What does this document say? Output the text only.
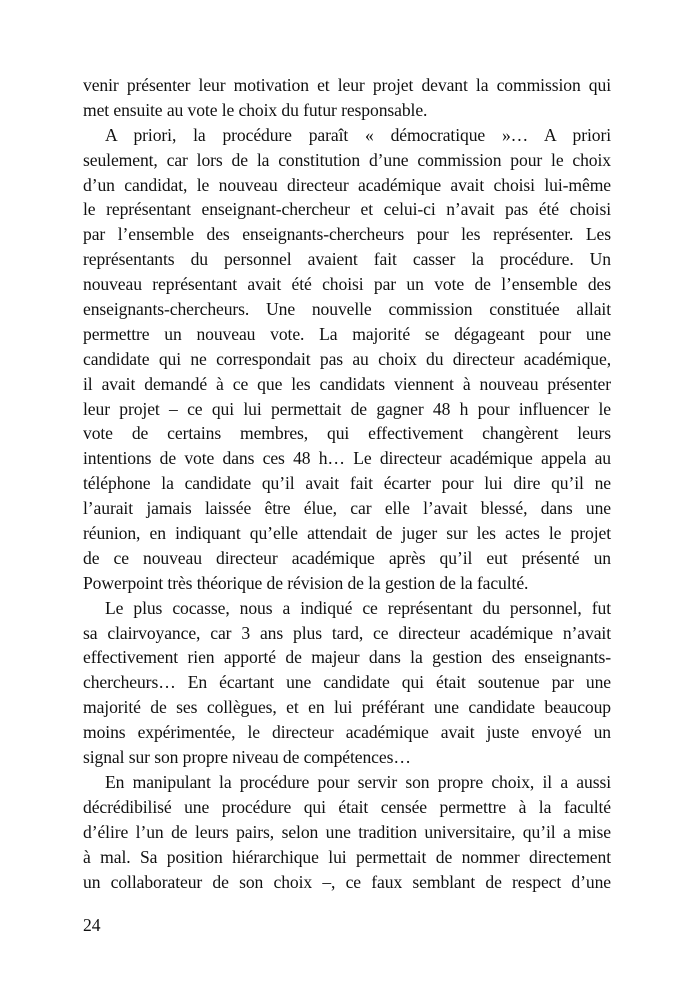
venir présenter leur motivation et leur projet devant la commission qui
met ensuite au vote le choix du futur responsable.

A priori, la procédure paraît « démocratique »… A priori
seulement, car lors de la constitution d’une commission pour le choix
d’un candidat, le nouveau directeur académique avait choisi lui-même
le représentant enseignant-chercheur et celui-ci n’avait pas été choisi
par l’ensemble des enseignants-chercheurs pour les représenter. Les
représentants du personnel avaient fait casser la procédure. Un
nouveau représentant avait été choisi par un vote de l’ensemble des
enseignants-chercheurs. Une nouvelle commission constituée allait
permettre un nouveau vote. La majorité se dégageant pour une
candidate qui ne correspondait pas au choix du directeur académique,
il avait demandé à ce que les candidats viennent à nouveau présenter
leur projet – ce qui lui permettait de gagner 48 h pour influencer le
vote de certains membres, qui effectivement changèrent leurs
intentions de vote dans ces 48 h… Le directeur académique appela au
téléphone la candidate qu’il avait fait écarter pour lui dire qu’il ne
l’aurait jamais laissée être élue, car elle l’avait blessé, dans une
réunion, en indiquant qu’elle attendait de juger sur les actes le projet
de ce nouveau directeur académique après qu’il eut présenté un
Powerpoint très théorique de révision de la gestion de la faculté.

Le plus cocasse, nous a indiqué ce représentant du personnel, fut
sa clairvoyance, car 3 ans plus tard, ce directeur académique n’avait
effectivement rien apporté de majeur dans la gestion des enseignants-
chercheurs… En écartant une candidate qui était soutenue par une
majorité de ses collègues, et en lui préférant une candidate beaucoup
moins expérimentée, le directeur académique avait juste envoyé un
signal sur son propre niveau de compétences…

En manipulant la procédure pour servir son propre choix, il a aussi
décrédibilisé une procédure qui était censée permettre à la faculté
d’élire l’un de leurs pairs, selon une tradition universitaire, qu’il a mise
à mal. Sa position hiérarchique lui permettait de nommer directement
un collaborateur de son choix –, ce faux semblant de respect d’une

24
